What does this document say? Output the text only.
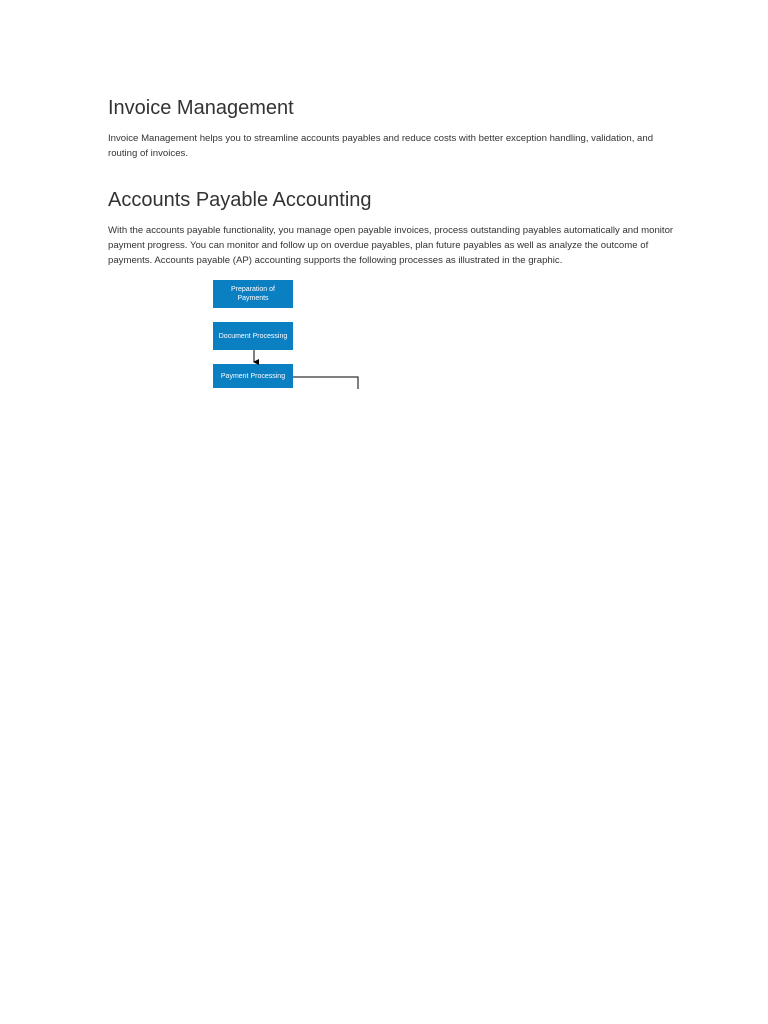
Invoice Management

Invoice Management helps you to streamline accounts payables and reduce costs with better exception handling, validation, and routing of invoices.

Accounts Payable Accounting

With the accounts payable functionality, you manage open payable invoices, process outstanding payables automatically and monitor payment progress. You can monitor and follow up on overdue payables, plan future payables as well as analyze the outcome of payments. Accounts payable (AP) accounting supports the following processes as illustrated in the graphic.

Preparation of Payments
Document Processing
Payment Processing
